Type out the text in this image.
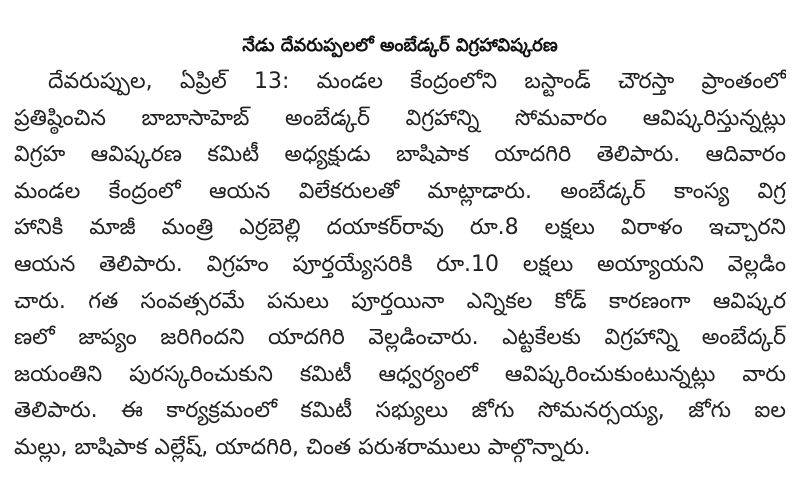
నేడు దేవరుప్పలలో అంబేడ్కర్ విగ్రహావిష్కరణ
దేవరుప్పుల, ఏప్రిల్ 13: మండల కేంద్రంలోని బస్టాండ్ చౌరస్తా ప్రాంతంలో
ప్రతిష్ఠించిన బాబాసాహెబ్ అంబేడ్కర్ విగ్రహాన్ని సోమవారం ఆవిష్కరిస్తున్నట్లు
విగ్రహ ఆవిష్కరణ కమిటీ అధ్యక్షుడు బాషిపాక యాదగిరి తెలిపారు. ఆదివారం
మండల కేంద్రంలో ఆయన విలేకరులతో మాట్లాడారు. అంబేడ్కర్ కాంస్య విగ్ర
హానికి మాజీ మంత్రి ఎర్రబెల్లి దయాకర్‌రావు రూ.8 లక్షలు విరాళం ఇచ్చారని
ఆయన తెలిపారు. విగ్రహం పూర్తయ్యేసరికి రూ.10 లక్షలు అయ్యాయని వెల్లడిం
చారు. గత సంవత్సరమే పనులు పూర్తయినా ఎన్నికల కోడ్ కారణంగా ఆవిష్కర
ణలో జాప్యం జరిగిందని యాదగిరి వెల్లడించారు. ఎట్టకేలకు విగ్రహాన్ని అంబేద్కర్
జయంతిని పురస్కరించుకుని కమిటీ ఆధ్వర్యంలో ఆవిష్కరించుకుంటున్నట్లు వారు
తెలిపారు. ఈ కార్యక్రమంలో కమిటీ సభ్యులు జోగు సోమనర్సయ్య, జోగు ఐల
మల్లు, బాషిపాక ఎల్లేష్, యాదగిరి, చింత పరుశరాములు పాల్గొన్నారు.
